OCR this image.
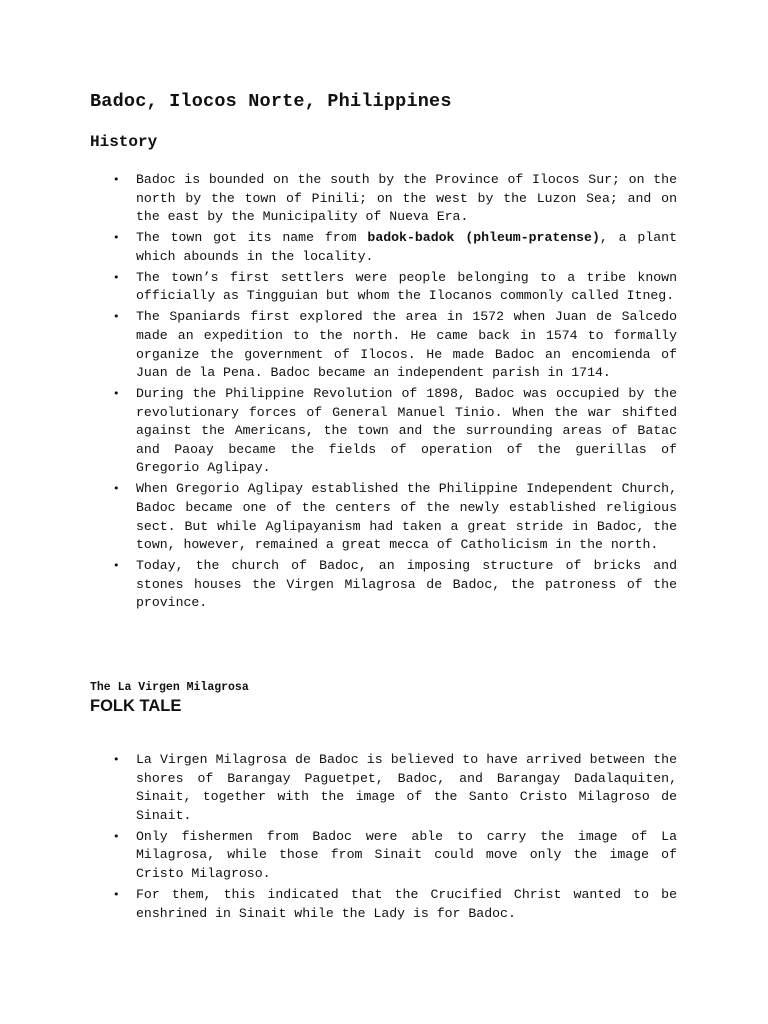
Badoc, Ilocos Norte, Philippines
History
• Badoc is bounded on the south by the Province of Ilocos Sur; on the north by the town of Pinili; on the west by the Luzon Sea; and on the east by the Municipality of Nueva Era.
• The town got its name from badok-badok (phleum-pratense), a plant which abounds in the locality.
• The town’s first settlers were people belonging to a tribe known officially as Tingguian but whom the Ilocanos commonly called Itneg.
• The Spaniards first explored the area in 1572 when Juan de Salcedo made an expedition to the north. He came back in 1574 to formally organize the government of Ilocos. He made Badoc an encomienda of Juan de la Pena. Badoc became an independent parish in 1714.
• During the Philippine Revolution of 1898, Badoc was occupied by the revolutionary forces of General Manuel Tinio. When the war shifted against the Americans, the town and the surrounding areas of Batac and Paoay became the fields of operation of the guerillas of Gregorio Aglipay.
• When Gregorio Aglipay established the Philippine Independent Church, Badoc became one of the centers of the newly established religious sect. But while Aglipayanism had taken a great stride in Badoc, the town, however, remained a great mecca of Catholicism in the north.
• Today, the church of Badoc, an imposing structure of bricks and stones houses the Virgen Milagrosa de Badoc, the patroness of the province.
The La Virgen Milagrosa
FOLK TALE
• La Virgen Milagrosa de Badoc is believed to have arrived between the shores of Barangay Paguetpet, Badoc, and Barangay Dadalaquiten, Sinait, together with the image of the Santo Cristo Milagroso de Sinait.
• Only fishermen from Badoc were able to carry the image of La Milagrosa, while those from Sinait could move only the image of Cristo Milagroso.
• For them, this indicated that the Crucified Christ wanted to be enshrined in Sinait while the Lady is for Badoc.
